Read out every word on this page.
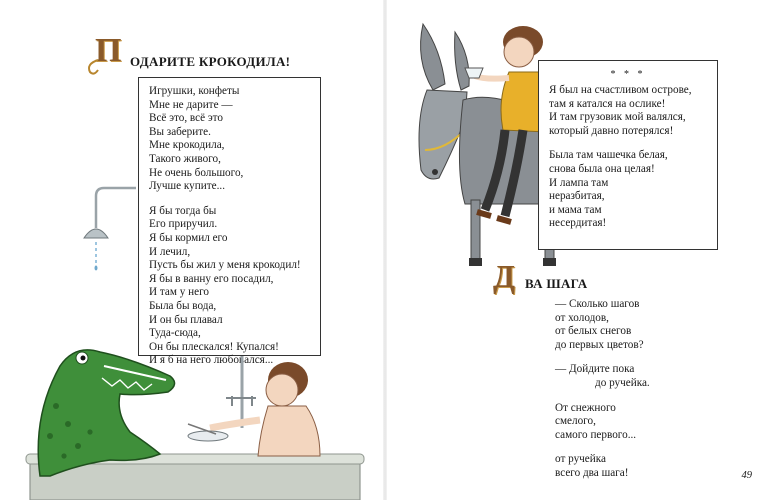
П ОДАРИТЕ КРОКОДИЛА!
Игрушки, конфеты
Мне не дарите —
Всё это, всё это
Вы заберите.
Мне крокодила,
Такого живого,
Не очень большого,
Лучше купите...
Я бы тогда бы
Его приручил.
Я бы кормил его
И лечил,
Пусть бы жил у меня крокодил!
Я бы в ванну его посадил,
И там у него
Была бы вода,
И он бы плавал
Туда-сюда,
Он бы плескался! Купался!
И я б на него любовался...
* * *
Я был на счастливом острове,
там я катался на ослике!
И там грузовик мой валялся,
который давно потерялся!
Была там чашечка белая,
снова была она целая!
И лампа там
неразбитая,
и мама там
несердитая!
Д ВА ШАГА
— Сколько шагов
от холодов,
от белых снегов
до первых цветов?
— Дойдите пока
до ручейка.
От снежного
смелого,
самого первого...
от ручейка
всего два шага!	49
